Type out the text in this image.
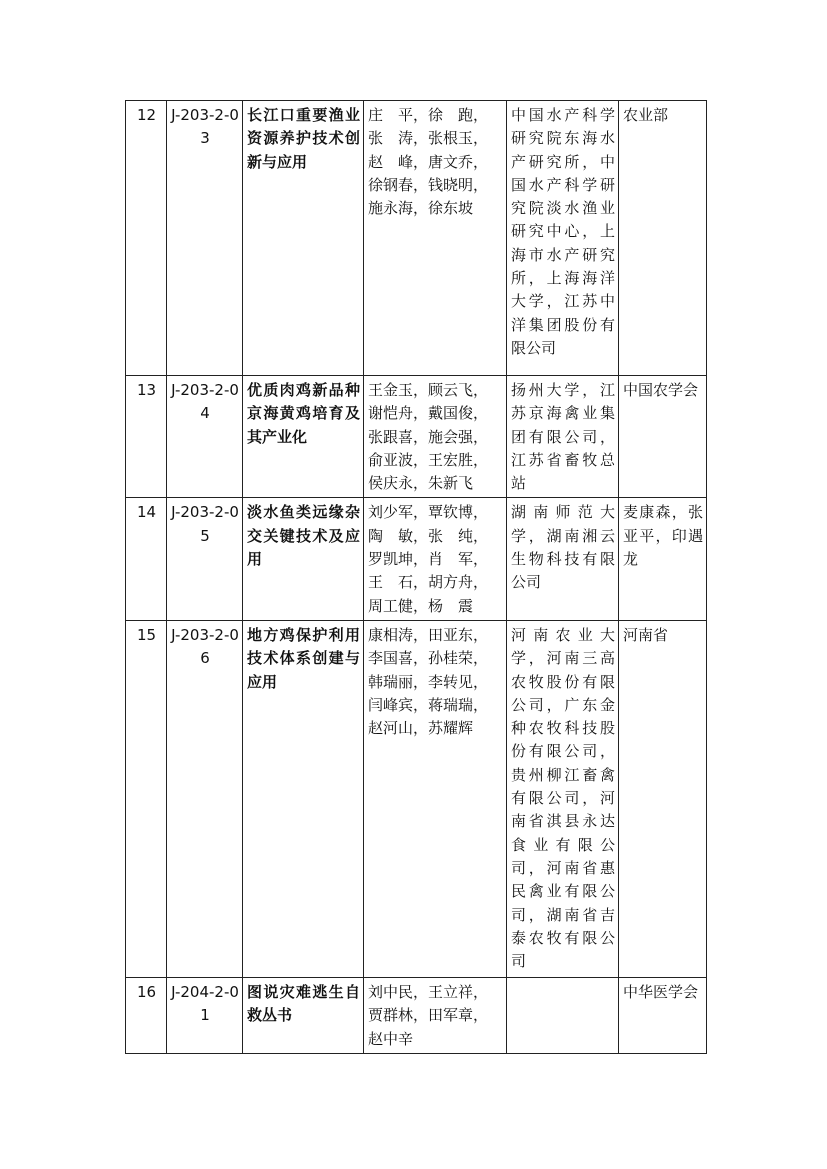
12	J-203-2-03	长江口重要渔业资源养护技术创新与应用	庄　平，徐　跑，
张　涛，张根玉，
赵　峰，唐文乔，
徐钢春，钱晓明，
施永海，徐东坡	中国水产科学研究院东海水产研究所，中国水产科学研究院淡水渔业研究中心，上海市水产研究所，上海海洋大学，江苏中洋集团股份有限公司	农业部
13	J-203-2-04	优质肉鸡新品种京海黄鸡培育及其产业化	王金玉，顾云飞，
谢恺舟，戴国俊，
张跟喜，施会强，
俞亚波，王宏胜，
侯庆永，朱新飞	扬州大学，江苏京海禽业集团有限公司，江苏省畜牧总站	中国农学会
14	J-203-2-05	淡水鱼类远缘杂交关键技术及应用	刘少军，覃钦博，
陶　敏，张　纯，
罗凯坤，肖　军，
王　石，胡方舟，
周工健，杨　震	湖南师范大学，湖南湘云生物科技有限公司	麦康森，张亚平，印遇龙
15	J-203-2-06	地方鸡保护利用技术体系创建与应用	康相涛，田亚东，
李国喜，孙桂荣，
韩瑞丽，李转见，
闫峰宾，蒋瑞瑞，
赵河山，苏耀辉	河南农业大学，河南三高农牧股份有限公司，广东金种农牧科技股份有限公司，贵州柳江畜禽有限公司，河南省淇县永达食业有限公司，河南省惠民禽业有限公司，湖南省吉泰农牧有限公司	河南省
16	J-204-2-01	图说灾难逃生自救丛书	刘中民，王立祥，
贾群林，田军章，
赵中辛		中华医学会
